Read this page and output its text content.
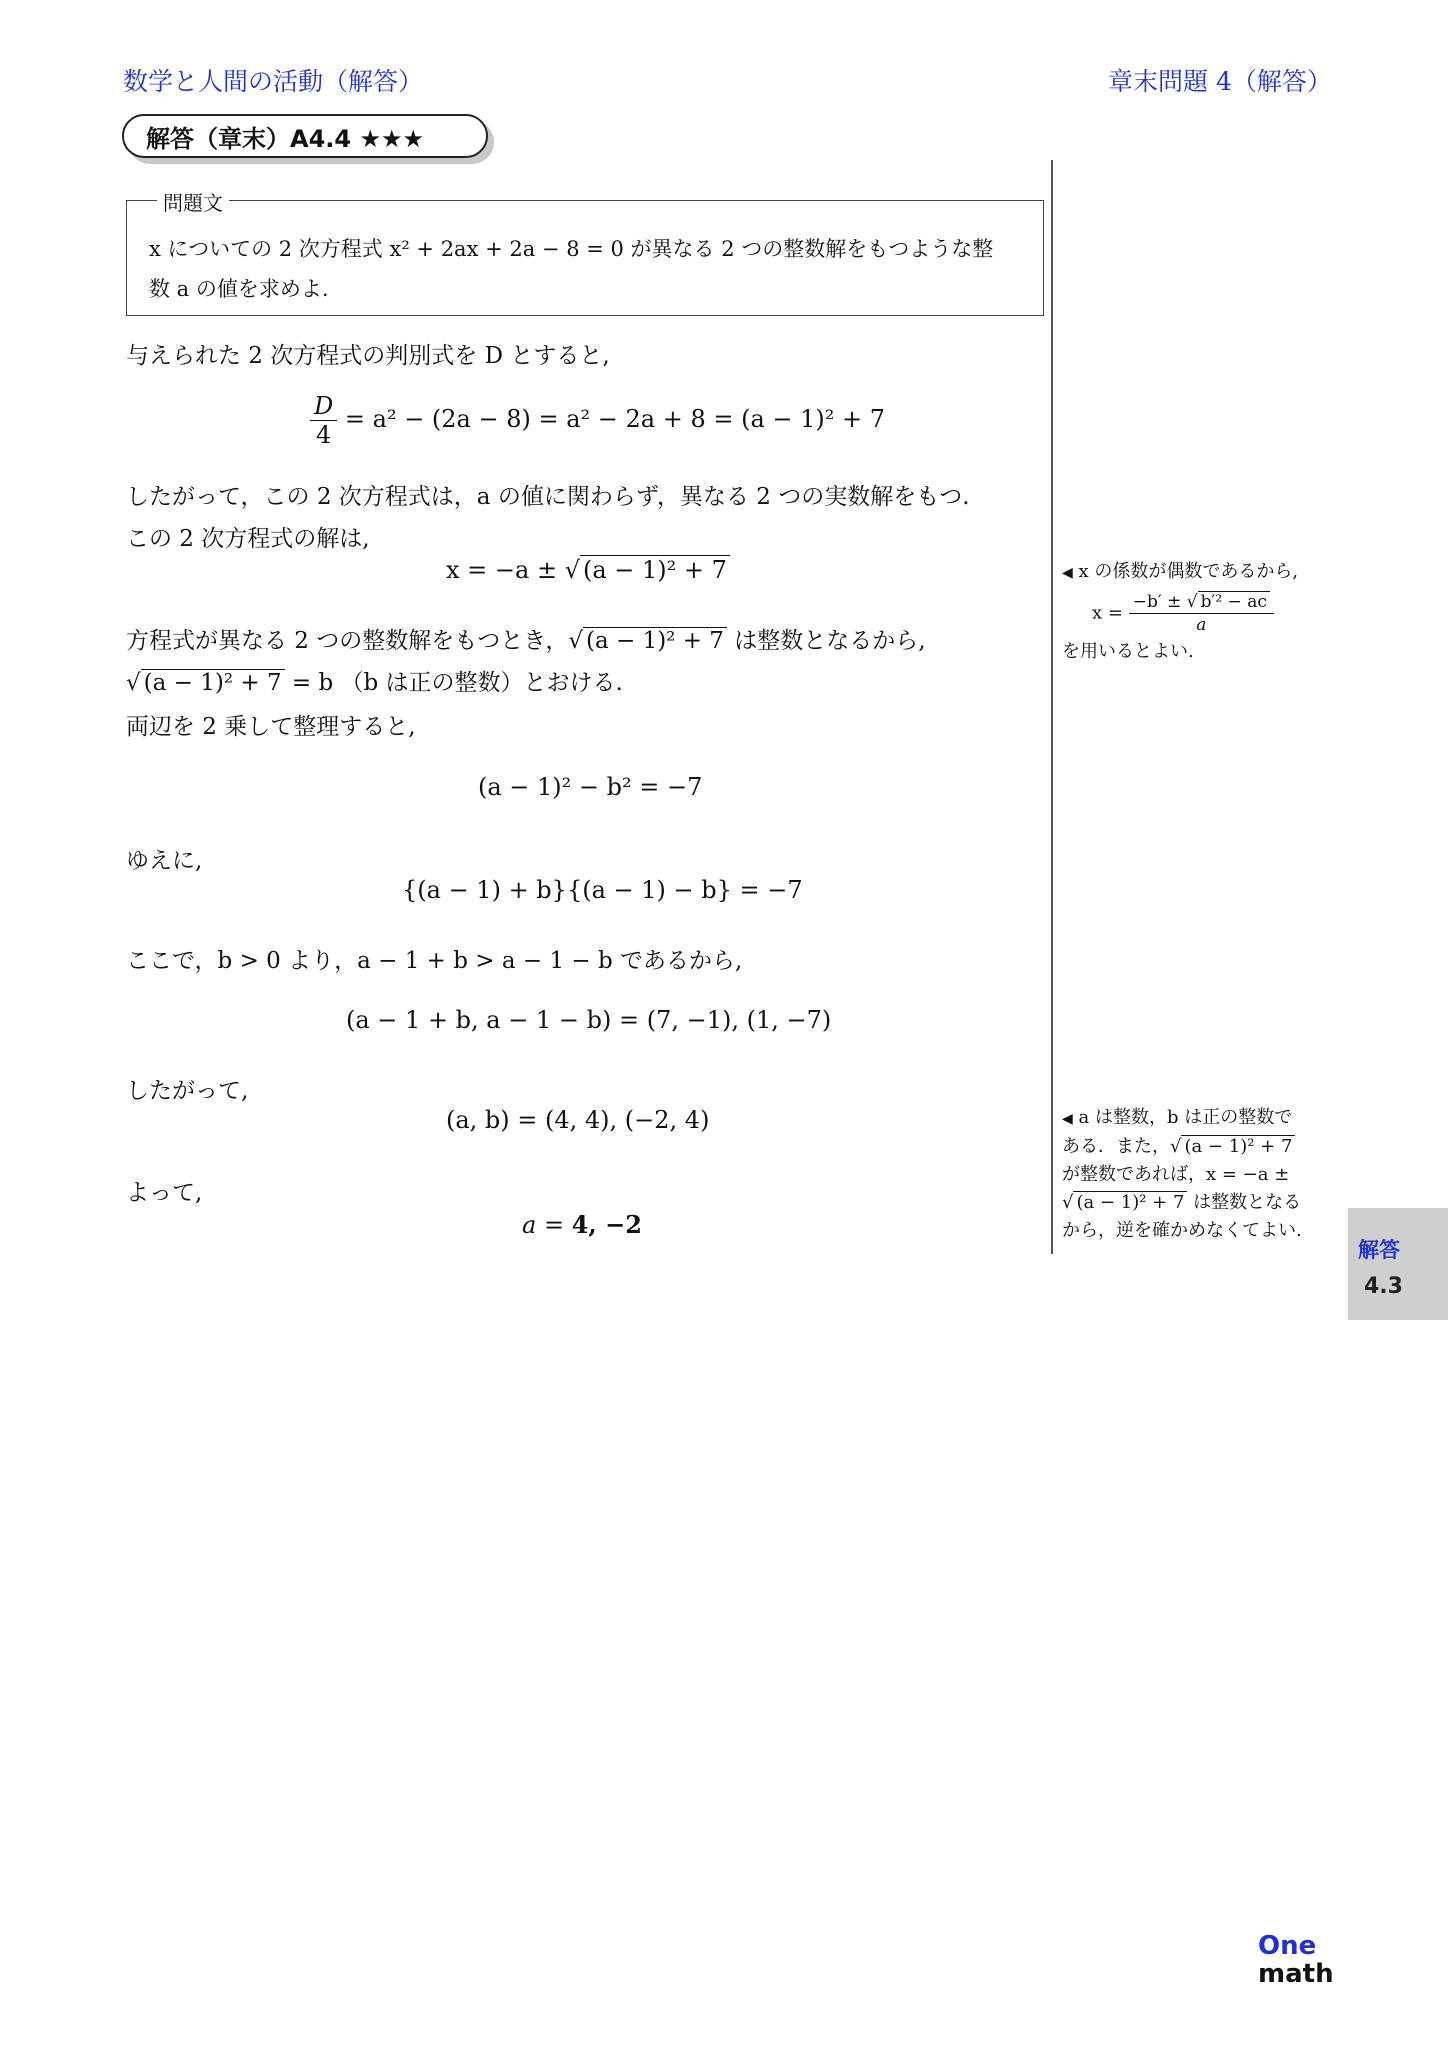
数学と人間の活動（解答）	章末問題 4（解答）
解答（章末）A4.4 ★★★
問題文
x についての 2 次方程式 x² + 2ax + 2a − 8 = 0 が異なる 2 つの整数解をもつような整
数 a の値を求めよ.
与えられた 2 次方程式の判別式を D とすると,
$\frac{D}{4} = a^2 - (2a - 8) = a^2 - 2a + 8 = (a - 1)^2 + 7$
したがって，この 2 次方程式は，a の値に関わらず，異なる 2 つの実数解をもつ.
この 2 次方程式の解は,
x = −a ± √ (a − 1)² + 7
方程式が異なる 2 つの整数解をもつとき，√ (a − 1)² + 7 は整数となるから,
√ (a − 1)² + 7 = b （b は正の整数）とおける.
両辺を 2 乗して整理すると,
(a − 1)² − b² = −7
ゆえに,
{(a − 1) + b}{(a − 1) − b} = −7
ここで，b > 0 より，a − 1 + b > a − 1 − b であるから,
(a − 1 + b, a − 1 − b) = (7, −1), (1, −7)
したがって,
(a, b) = (4, 4), (−2, 4)
よって,
a = 4, −2
◀ x の係数が偶数であるから,
$x = \frac{\text{−b′ ± √ b′² − ac}}{a}$
を用いるとよい.
◀ a は整数，b は正の整数で
ある．また，√ (a − 1)² + 7
が整数であれば，x = −a ±
√ (a − 1)² + 7 は整数となる
から，逆を確かめなくてよい.
解答
4.3
One
math
